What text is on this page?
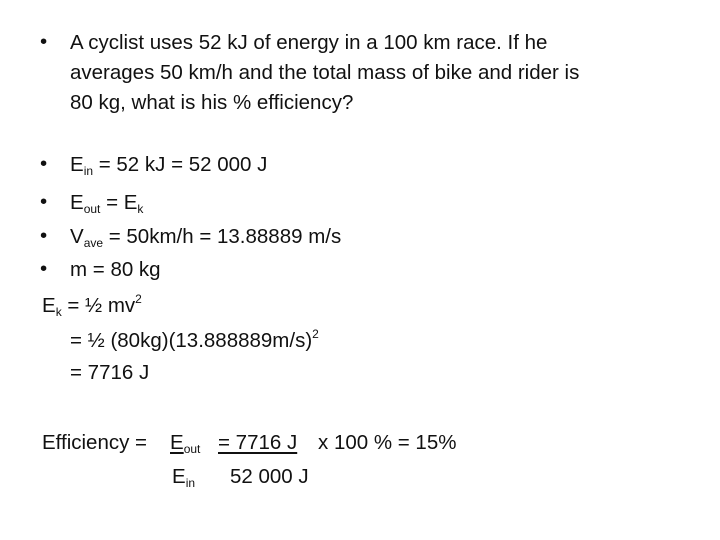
• A cyclist uses 52 kJ of energy in a 100 km race. If he
averages 50 km/h and the total mass of bike and rider is
80 kg, what is his % efficiency?
• $E_{in} = 52$ kJ = 52 000 J
• $E_{out} = E_k$
• $V_{ave} = 50km/h = 13.88889$ m/s
• m = 80 kg
$E_k$ = ½ $mv^2$
= ½ $(80kg)(13.888889m/s)^2$
= 7716 J
Efficiency = $E_{out} = 7716$ J x 100 % = 15%
$E_{in}$ 52 000 J
